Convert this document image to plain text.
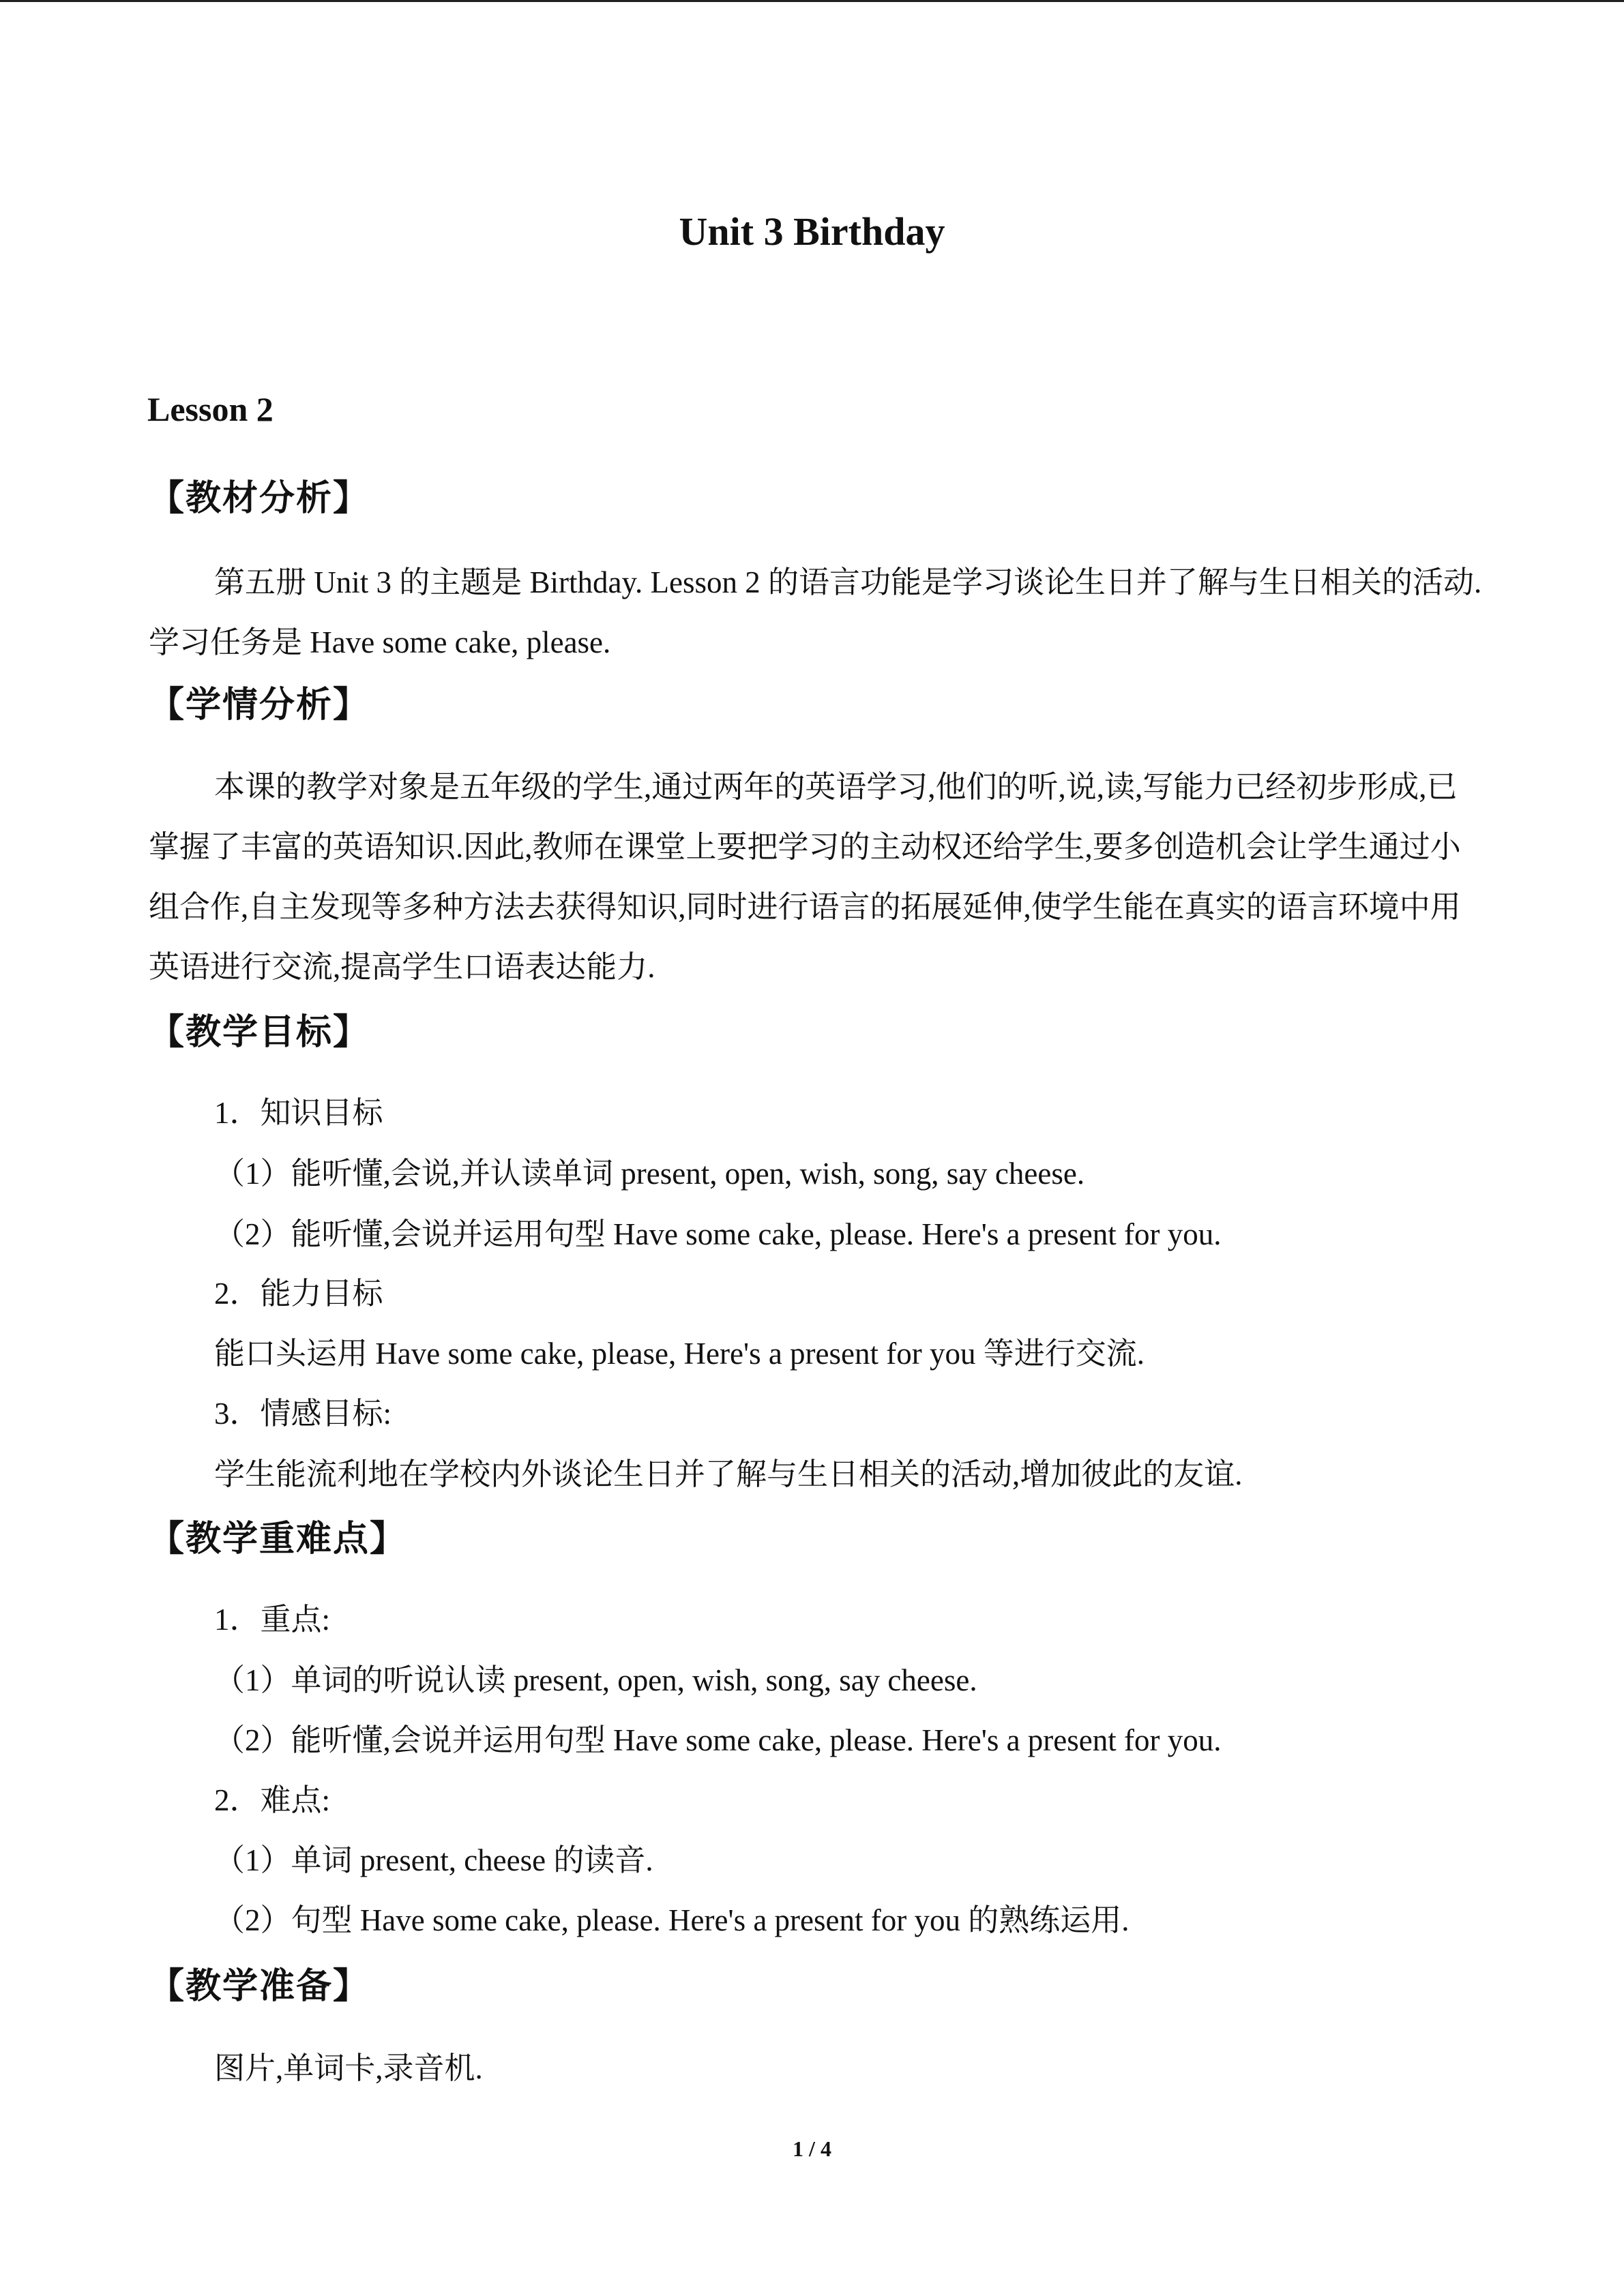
Unit 3 Birthday
Lesson 2
【教材分析】
第五册 Unit 3 的主题是 Birthday. Lesson 2 的语言功能是学习谈论生日并了解与生日相关的活动.学习任务是 Have some cake, please.
【学情分析】
本课的教学对象是五年级的学生,通过两年的英语学习,他们的听,说,读,写能力已经初步形成,已掌握了丰富的英语知识.因此,教师在课堂上要把学习的主动权还给学生,要多创造机会让学生通过小组合作,自主发现等多种方法去获得知识,同时进行语言的拓展延伸,使学生能在真实的语言环境中用英语进行交流,提高学生口语表达能力.
【教学目标】
1．知识目标
（1）能听懂,会说,并认读单词 present, open, wish, song, say cheese.
（2）能听懂,会说并运用句型 Have some cake, please. Here's a present for you.
2．能力目标
能口头运用 Have some cake, please, Here's a present for you 等进行交流.
3．情感目标:
学生能流利地在学校内外谈论生日并了解与生日相关的活动,增加彼此的友谊.
【教学重难点】
1．重点:
（1）单词的听说认读 present, open, wish, song, say cheese.
（2）能听懂,会说并运用句型 Have some cake, please. Here's a present for you.
2．难点:
（1）单词 present, cheese 的读音.
（2）句型 Have some cake, please. Here's a present for you 的熟练运用.
【教学准备】
图片,单词卡,录音机.
1 / 4
